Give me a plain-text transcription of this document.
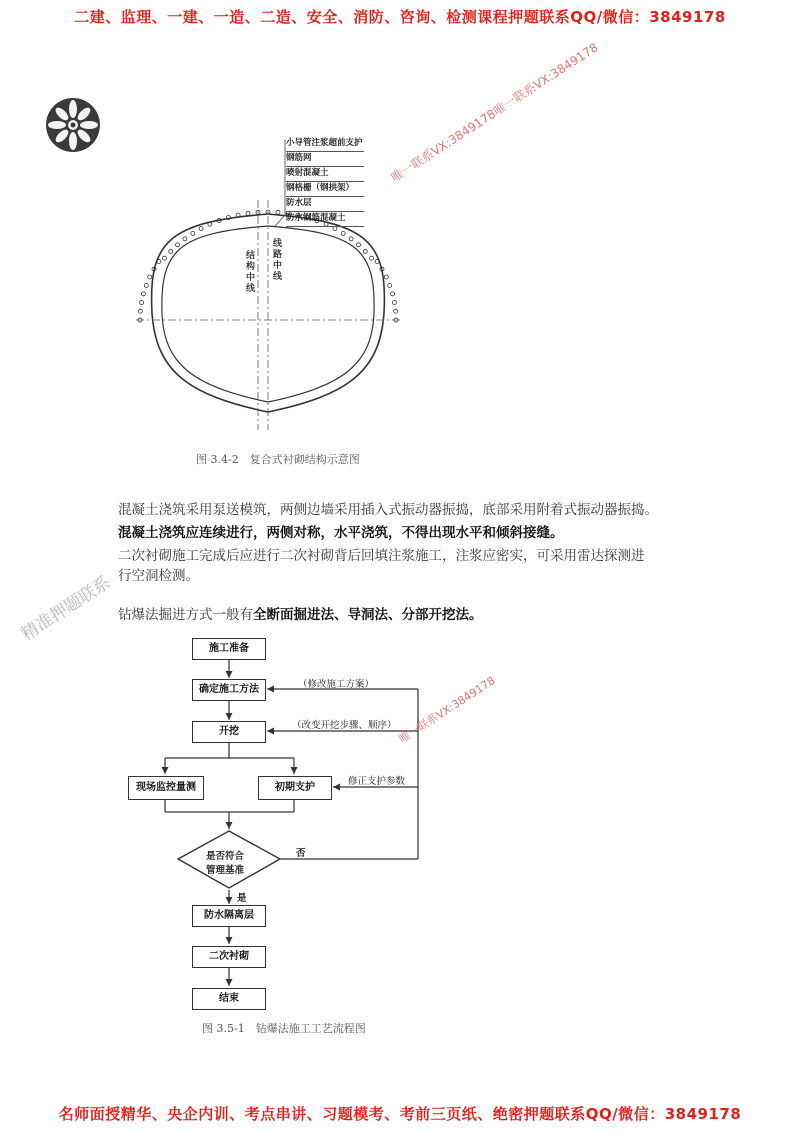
二建、监理、一建、一造、二造、安全、消防、咨询、检测课程押题联系QQ/微信：3849178
名师面授精华、央企内训、考点串讲、习题模考、考前三页纸、绝密押题联系QQ/微信：3849178
结构中线 线路中线
小导管注浆超前支护
钢筋网
喷射混凝土
钢格栅（钢拱架）
防水层
防水钢筋混凝土
图 3.4-2　复合式衬砌结构示意图
混凝土浇筑采用泵送模筑，两侧边墙采用插入式振动器振捣，底部采用附着式振动器振捣。
混凝土浇筑应连续进行，两侧对称，水平浇筑，不得出现水平和倾斜接缝。
二次衬砌施工完成后应进行二次衬砌背后回填注浆施工，注浆应密实，可采用雷达探测进
行空洞检测。
钻爆法掘进方式一般有全断面掘进法、导洞法、分部开挖法。
施工准备
确定施工方法
开挖
现场监控量测	初期支护
是否符合
管理基准
防水隔离层
二次衬砌
结束
（修改施工方案）
（改变开挖步骤、顺序）
修正支护参数
否
是
图 3.5-1　钻爆法施工工艺流程图
唯一联系VX:3849178唯一联系VX:3849178
精准押题联系
唯一联系VX:3849178
